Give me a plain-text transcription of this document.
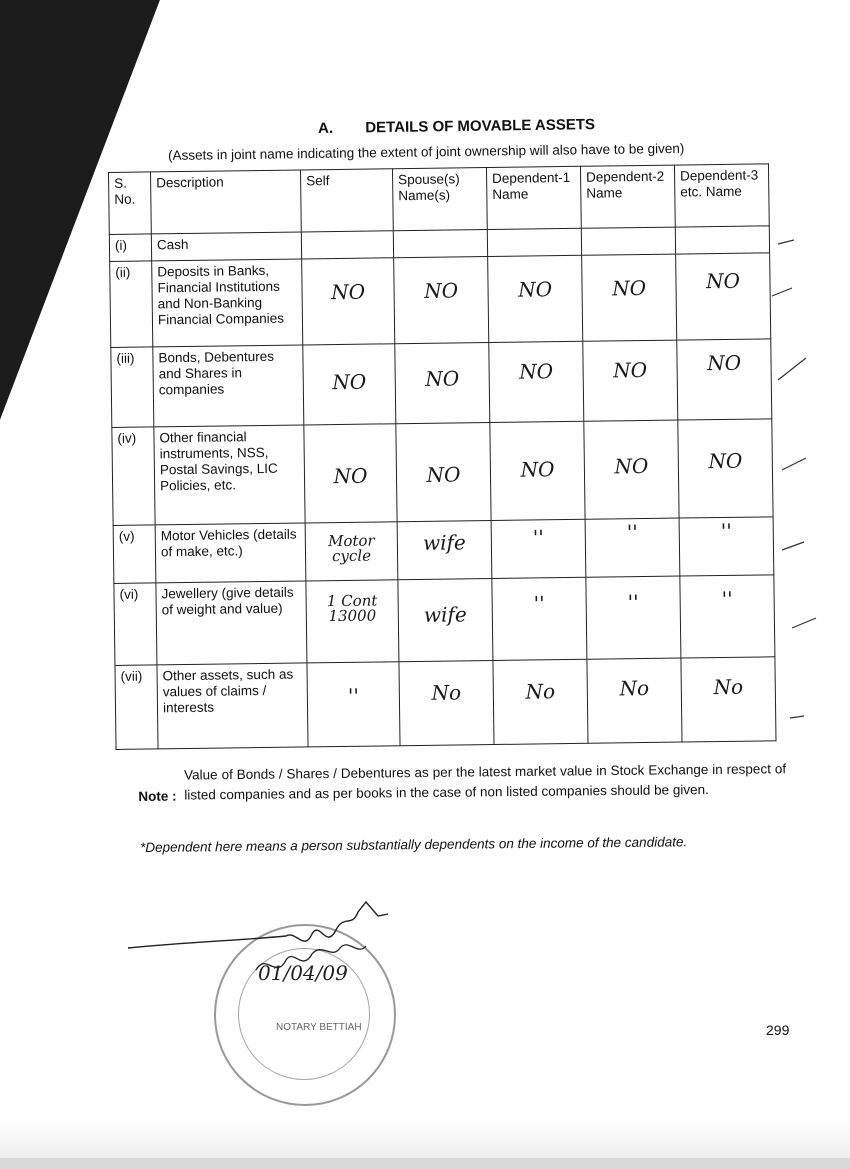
A. DETAILS OF MOVABLE ASSETS
(Assets in joint name indicating the extent of joint ownership will also have to be given)
S. No.	Description	Self	Spouse(s) Name(s)	Dependent-1 Name	Dependent-2 Name	Dependent-3 etc. Name
(i)	Cash	

(ii)	Deposits in Banks, Financial Institutions and Non-Banking Financial Companies	NO	NO	NO	NO	NO

(iii)	Bonds, Debentures and Shares in companies	NO	NO	NO	NO	NO

(iv)	Other financial instruments, NSS, Postal Savings, LIC Policies, etc.	NO	NO	NO	NO	NO

(v)	Motor Vehicles (details of make, etc.)	Motor cycle	wife	''	''	''

(vi)	Jewellery (give details of weight and value)	1 Cont 13000	wife	''	''	''

(vii)	Other assets, such as values of claims / interests	''	No	No	No	No
Note :
Value of Bonds / Shares / Debentures as per the latest market value in Stock Exchange in respect of listed companies and as per books in the case of non listed companies should be given.
*Dependent here means a person substantially dependents on the income of the candidate.
299
01/04/09
NOTARY BETTIAH
